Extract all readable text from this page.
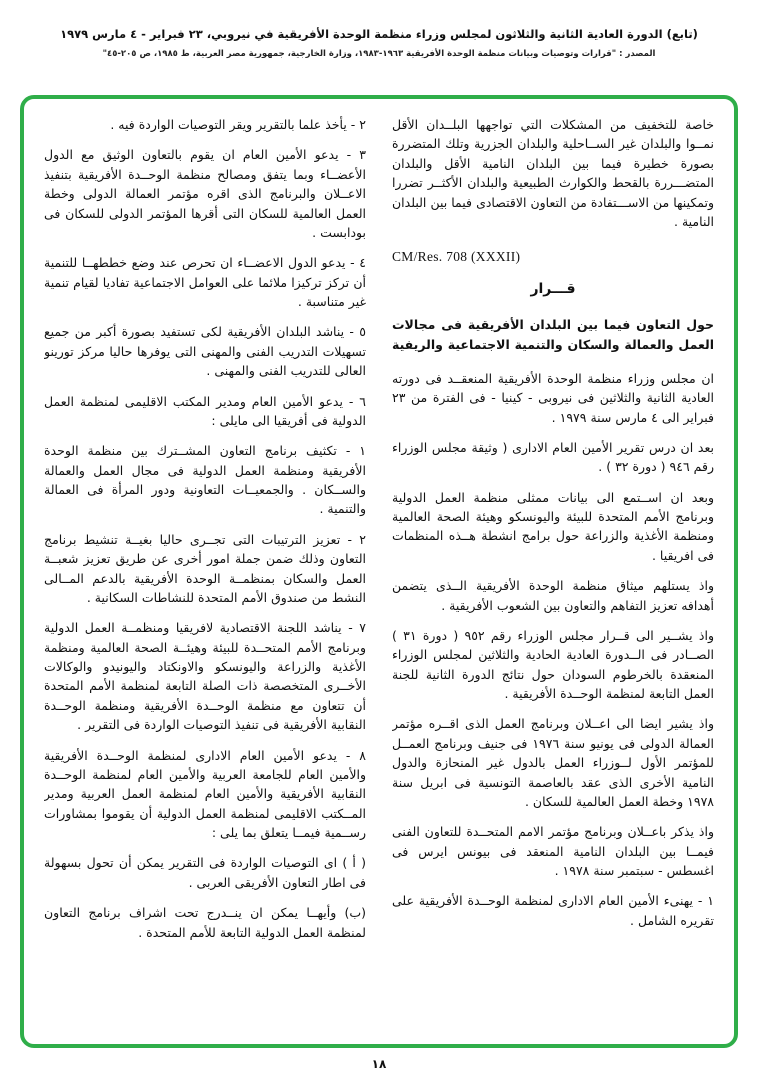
(تابع) الدورة العادية الثانية والثلاثون لمجلس وزراء منظمة الوحدة الأفريقية في نيروبي، ٢٣ فبراير - ٤ مارس ١٩٧٩
المصدر : "قرارات وتوصيات وبيانات منظمة الوحدة الأفريقية ١٩٦٣-١٩٨٣، وزارة الخارجية، جمهورية مصر العربية، ط ١٩٨٥، ص ٢٠٥-٤٥"

خاصة للتخفيف من المشكلات التي تواجهها البلــدان الأقل نمــوا والبلدان غير الســاحلية والبلدان الجزرية وتلك المتضررة بصورة خطيرة فيما بين البلدان النامية الأقل والبلدان المتضـــررة بالقحط والكوارث الطبيعية والبلدان الأكثــر تضررا وتمكينها من الاســـتفادة من التعاون الاقتصادى فيما بين البلدان النامية .

CM/Res. 708 (XXXII)

قـــرار
حول التعاون فيما بين البلدان الأفريقية فى مجالات العمل والعمالة والسكان والتنمية الاجتماعية والريفية

ان مجلس وزراء منظمة الوحدة الأفريقية المنعقــد فى دورته العادية الثانية والثلاثين فى نيروبى - كينيا - فى الفترة من ٢٣ فبراير الى ٤ مارس سنة ١٩٧٩ .

بعد ان درس تقرير الأمين العام الادارى ( وثيقة مجلس الوزراء رقم ٩٤٦ ( دورة ٣٢ ) .

وبعد ان اســتمع الى بيانات ممثلى منظمة العمل الدولية وبرنامج الأمم المتحدة للبيئة واليونسكو وهيئة الصحة العالمية ومنظمة الأغذية والزراعة حول برامج انشطة هــذه المنظمات فى افريقيا .

واذ يستلهم ميثاق منظمة الوحدة الأفريقية الــذى يتضمن أهدافه تعزيز التفاهم والتعاون بين الشعوب الأفريقية .

واذ يشــير الى قــرار مجلس الوزراء رقم ٩٥٢ ( دورة ٣١ ) الصــادر فى الــدورة العادية الحادية والثلاثين لمجلس الوزراء المنعقدة بالخرطوم السودان حول نتائج الدورة الثانية للجنة العمل التابعة لمنظمة الوحــدة الأفريقية .

واذ يشير ايضا الى اعــلان وبرنامج العمل الذى اقــره مؤتمر العمالة الدولى فى يونيو سنة ١٩٧٦ فى جنيف وبرنامج العمــل للمؤتمر الأول لــوزراء العمل بالدول غير المنحازة والدول النامية الأخرى الذى عقد بالعاصمة التونسية فى ابريل سنة ١٩٧٨ وخطة العمل العالمية للسكان .

واذ يذكر باعــلان وبرنامج مؤتمر الامم المتحــدة للتعاون الفنى فيمــا بين البلدان النامية المنعقد فى بيونس ايرس فى اغسطس - سبتمبر سنة ١٩٧٨ .

١ - يهنىء الأمين العام الادارى لمنظمة الوحــدة الأفريقية على تقريره الشامل .

٢ - يأخذ علما بالتقرير ويقر التوصيات الواردة فيه .

٣ - يدعو الأمين العام ان يقوم بالتعاون الوثيق مع الدول الأعضــاء وبما يتفق ومصالح منظمة الوحــدة الأفريقية بتنفيذ الاعــلان والبرنامج الذى اقره مؤتمر العمالة الدولى وخطة العمل العالمية للسكان التى أقرها المؤتمر الدولى للسكان فى بودابست .

٤ - يدعو الدول الاعضــاء ان تحرص عند وضع خططهــا للتنمية أن تركز تركيزا ملائما على العوامل الاجتماعية تفاديا لقيام تنمية غير متناسبة .

٥ - يناشد البلدان الأفريقية لكى تستفيد بصورة أكبر من جميع تسهيلات التدريب الفنى والمهنى التى يوفرها حاليا مركز تورينو العالى للتدريب الفنى والمهنى .

٦ - يدعو الأمين العام ومدير المكتب الاقليمى لمنظمة العمل الدولية فى أفريقيا الى مايلى :

١ - تكثيف برنامج التعاون المشــترك بين منظمة الوحدة الأفريقية ومنظمة العمل الدولية فى مجال العمل والعمالة والســكان . والجمعيــات التعاونية ودور المرأة فى العمالة والتنمية .

٢ - تعزيز الترتيبات التى تجــرى حاليا بغيــة تنشيط برنامج التعاون وذلك ضمن جملة امور أخرى عن طريق تعزيز شعبــة العمل والسكان بمنظمــة الوحدة الأفريقية بالدعم المــالى النشط من صندوق الأمم المتحدة للنشاطات السكانية .

٧ - يناشد اللجنة الاقتصادية لافريقيا ومنظمــة العمل الدولية وبرنامج الأمم المتحــدة للبيئة وهيئــة الصحة العالمية ومنظمة الأغذية والزراعة واليونسكو والاونكتاد واليونيدو والوكالات الأخــرى المتخصصة ذات الصلة التابعة لمنظمة الأمم المتحدة أن تتعاون مع منظمة الوحــدة الأفريقية ومنظمة الوحــدة النقابية الأفريقية فى تنفيذ التوصيات الواردة فى التقرير .

٨ - يدعو الأمين العام الادارى لمنظمة الوحــدة الأفريقية والأمين العام للجامعة العربية والأمين العام لمنظمة الوحــدة النقابية الأفريقية والأمين العام لمنظمة العمل العربية ومدير المــكتب الاقليمى لمنظمة العمل الدولية أن يقوموا بمشاورات رســمية فيمــا يتعلق بما يلى :

( أ ) اى التوصيات الواردة فى التقرير يمكن أن تحول بسهولة فى اطار التعاون الأفريقى العربى .

(ب) وأيهــا يمكن ان ينــدرج تحت اشراف برنامج التعاون لمنظمة العمل الدولية التابعة للأمم المتحدة .

١٨
